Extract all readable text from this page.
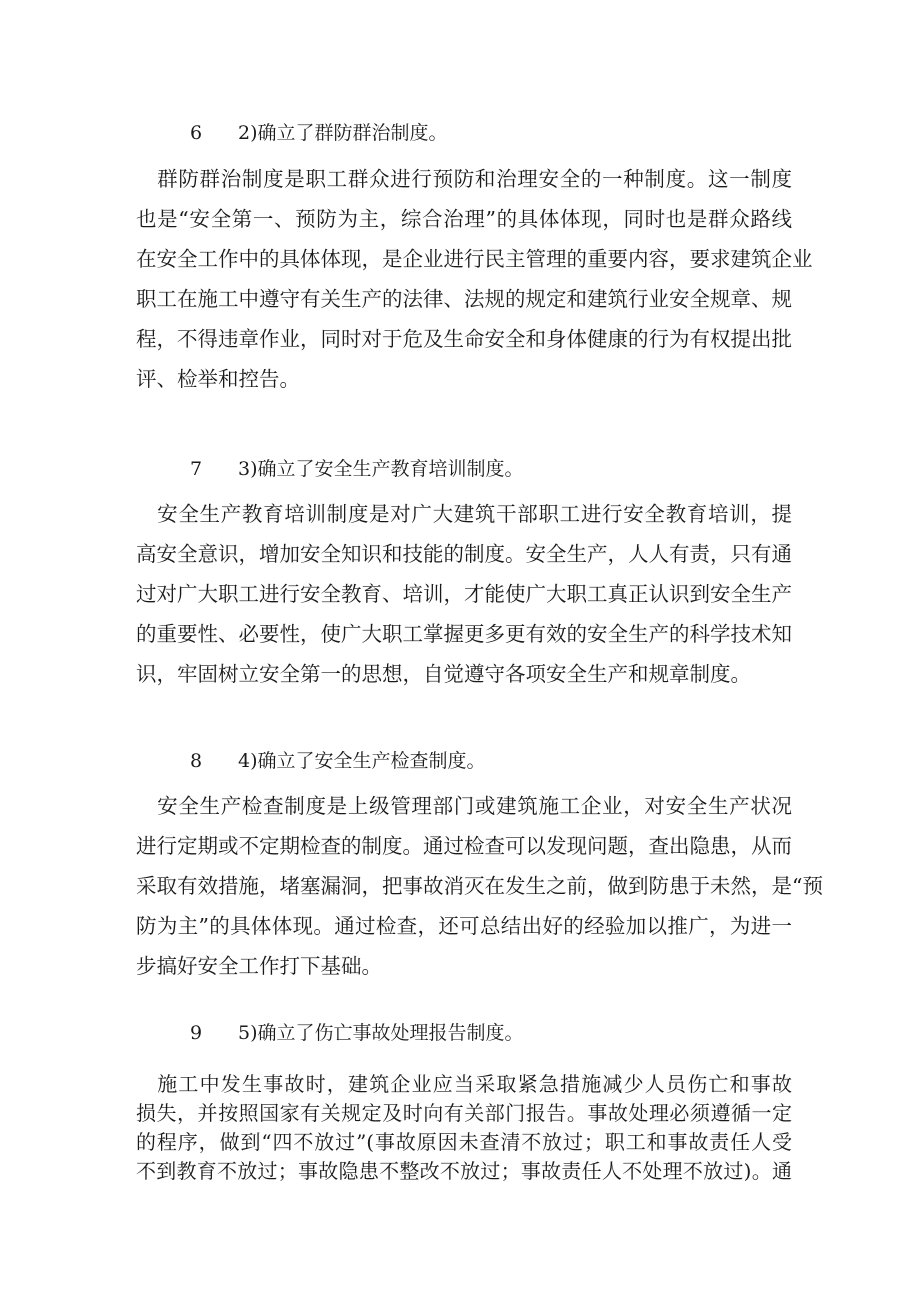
6 2)确立了群防群治制度。
　群防群治制度是职工群众进行预防和治理安全的一种制度。这一制度
也是“安全第一、预防为主，综合治理”的具体体现，同时也是群众路线
在安全工作中的具体体现，是企业进行民主管理的重要内容，要求建筑企业
职工在施工中遵守有关生产的法律、法规的规定和建筑行业安全规章、规
程，不得违章作业，同时对于危及生命安全和身体健康的行为有权提出批
评、检举和控告。
7 3)确立了安全生产教育培训制度。
　安全生产教育培训制度是对广大建筑干部职工进行安全教育培训，提
高安全意识，增加安全知识和技能的制度。安全生产，人人有责，只有通
过对广大职工进行安全教育、培训，才能使广大职工真正认识到安全生产
的重要性、必要性，使广大职工掌握更多更有效的安全生产的科学技术知
识，牢固树立安全第一的思想，自觉遵守各项安全生产和规章制度。
8 4)确立了安全生产检查制度。
　安全生产检查制度是上级管理部门或建筑施工企业，对安全生产状况
进行定期或不定期检查的制度。通过检查可以发现问题，查出隐患，从而
采取有效措施，堵塞漏洞，把事故消灭在发生之前，做到防患于未然，是“预
防为主”的具体体现。通过检查，还可总结出好的经验加以推广，为进一
步搞好安全工作打下基础。
9 5)确立了伤亡事故处理报告制度。
　施工中发生事故时，建筑企业应当采取紧急措施减少人员伤亡和事故
损失，并按照国家有关规定及时向有关部门报告。事故处理必须遵循一定
的程序，做到“四不放过”(事故原因未查清不放过；职工和事故责任人受
不到教育不放过；事故隐患不整改不放过；事故责任人不处理不放过)。通
